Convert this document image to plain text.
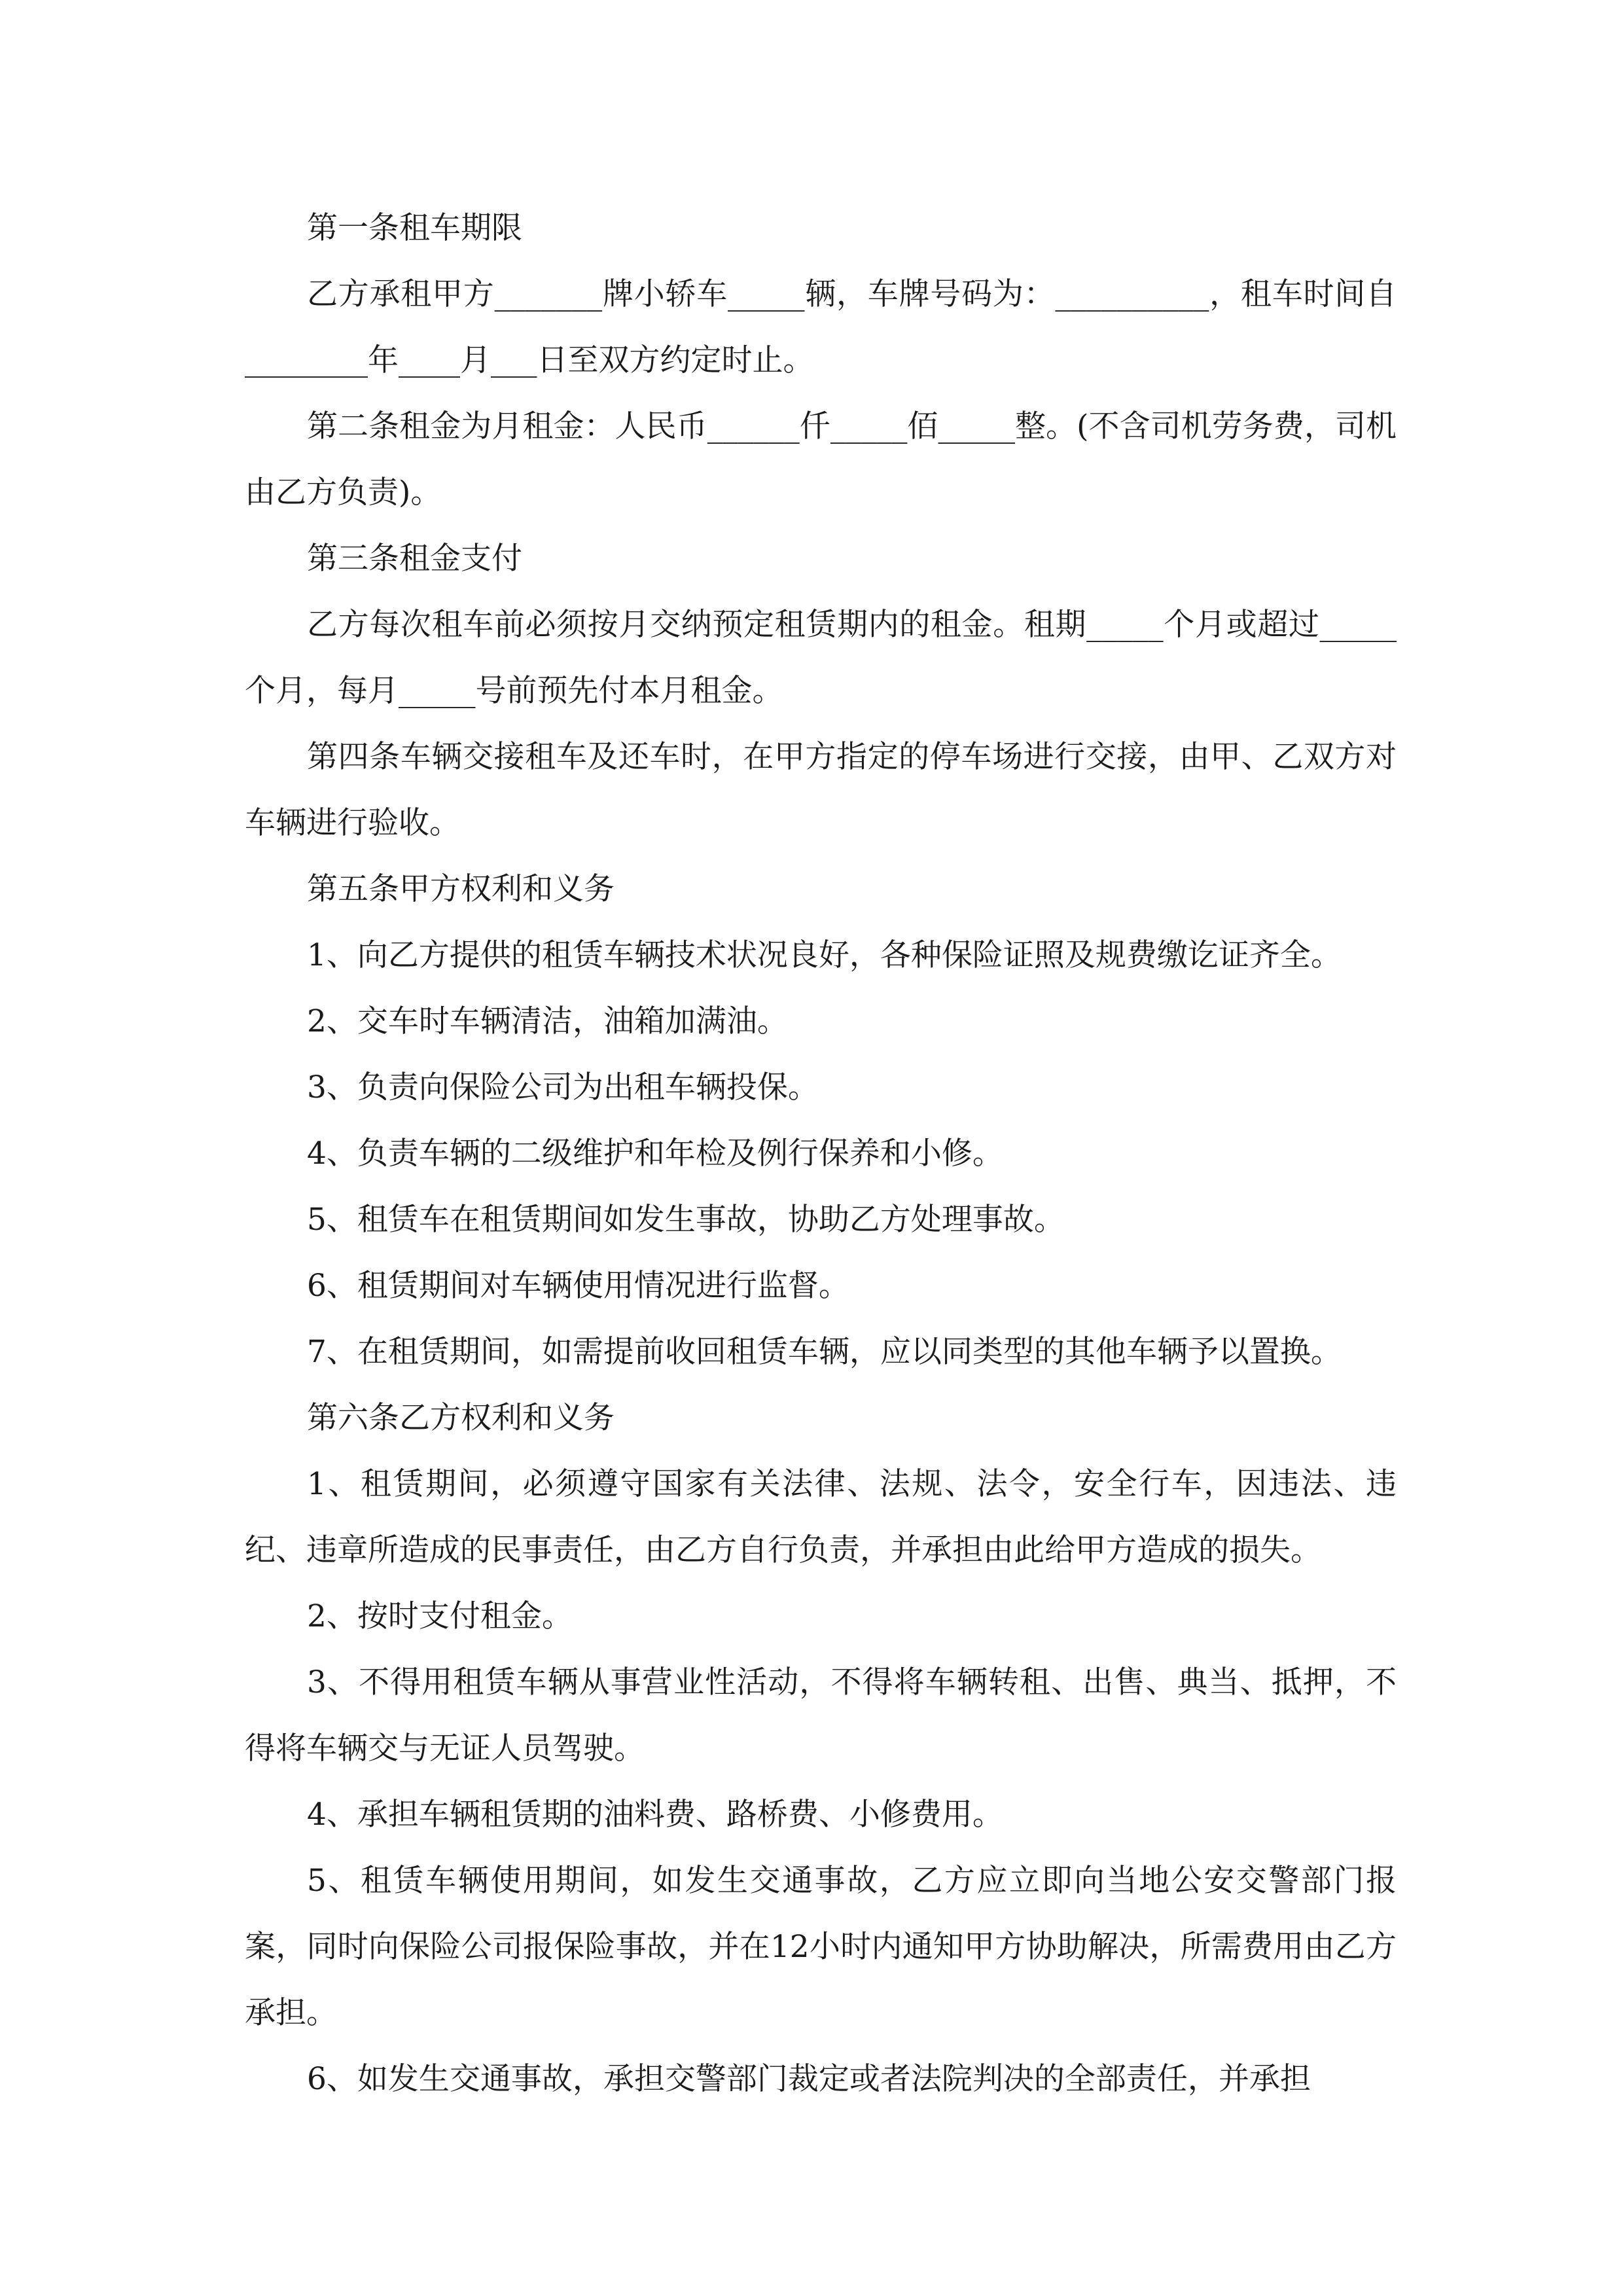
第一条租车期限

乙方承租甲方_______牌小轿车_____辆，车牌号码为：__________，租车时间自________年____月___日至双方约定时止。

第二条租金为月租金：人民币______仟_____佰_____整。(不含司机劳务费，司机由乙方负责)。

第三条租金支付

乙方每次租车前必须按月交纳预定租赁期内的租金。租期_____个月或超过_____个月，每月_____号前预先付本月租金。

第四条车辆交接租车及还车时，在甲方指定的停车场进行交接，由甲、乙双方对车辆进行验收。

第五条甲方权利和义务

1、向乙方提供的租赁车辆技术状况良好，各种保险证照及规费缴讫证齐全。

2、交车时车辆清洁，油箱加满油。

3、负责向保险公司为出租车辆投保。

4、负责车辆的二级维护和年检及例行保养和小修。

5、租赁车在租赁期间如发生事故，协助乙方处理事故。

6、租赁期间对车辆使用情况进行监督。

7、在租赁期间，如需提前收回租赁车辆，应以同类型的其他车辆予以置换。

第六条乙方权利和义务

1、租赁期间，必须遵守国家有关法律、法规、法令，安全行车，因违法、违纪、违章所造成的民事责任，由乙方自行负责，并承担由此给甲方造成的损失。

2、按时支付租金。

3、不得用租赁车辆从事营业性活动，不得将车辆转租、出售、典当、抵押，不得将车辆交与无证人员驾驶。

4、承担车辆租赁期的油料费、路桥费、小修费用。

5、租赁车辆使用期间，如发生交通事故，乙方应立即向当地公安交警部门报案，同时向保险公司报保险事故，并在12小时内通知甲方协助解决，所需费用由乙方承担。

6、如发生交通事故，承担交警部门裁定或者法院判决的全部责任，并承担
